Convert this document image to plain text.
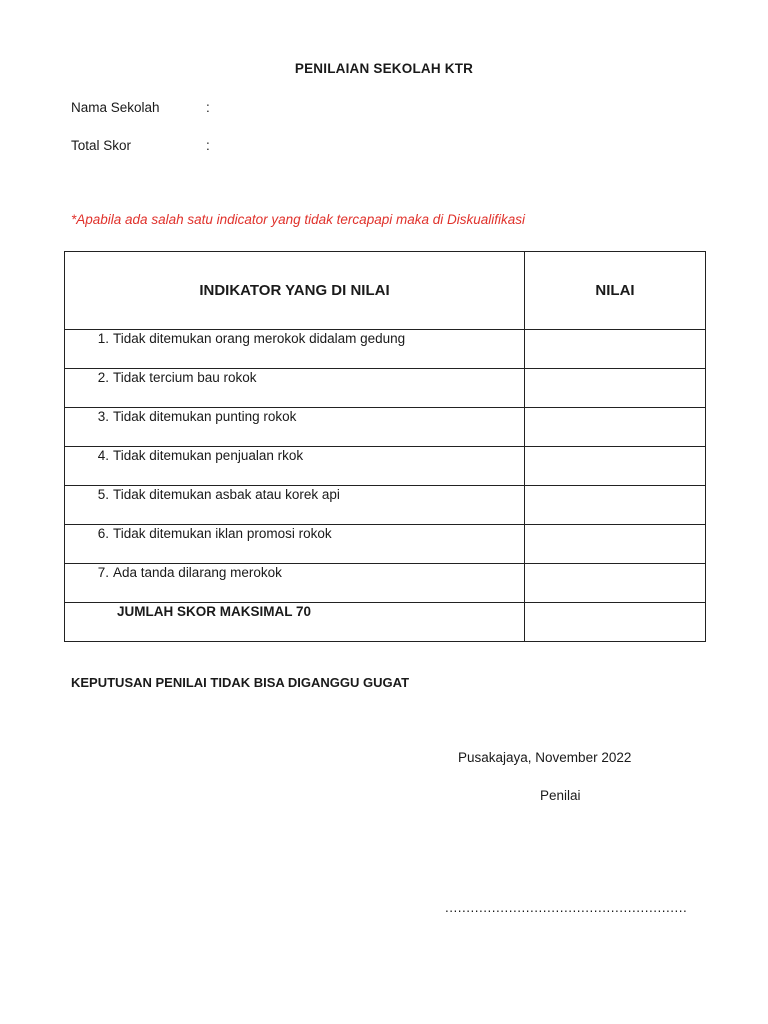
PENILAIAN SEKOLAH KTR
Nama Sekolah	:
Total Skor	:
*Apabila ada salah satu indicator yang tidak tercapapi maka di Diskualifikasi
INDIKATOR YANG DI NILAI	NILAI
1. Tidak ditemukan orang merokok didalam gedung	
2. Tidak tercium bau rokok	
3. Tidak ditemukan punting rokok	
4. Tidak ditemukan penjualan rkok	
5. Tidak ditemukan asbak atau korek api	
6. Tidak ditemukan iklan promosi rokok	
7. Ada tanda dilarang merokok	
JUMLAH SKOR MAKSIMAL 70	
KEPUTUSAN PENILAI TIDAK BISA DIGANGGU GUGAT
Pusakajaya, November 2022
Penilai
.........................................................
